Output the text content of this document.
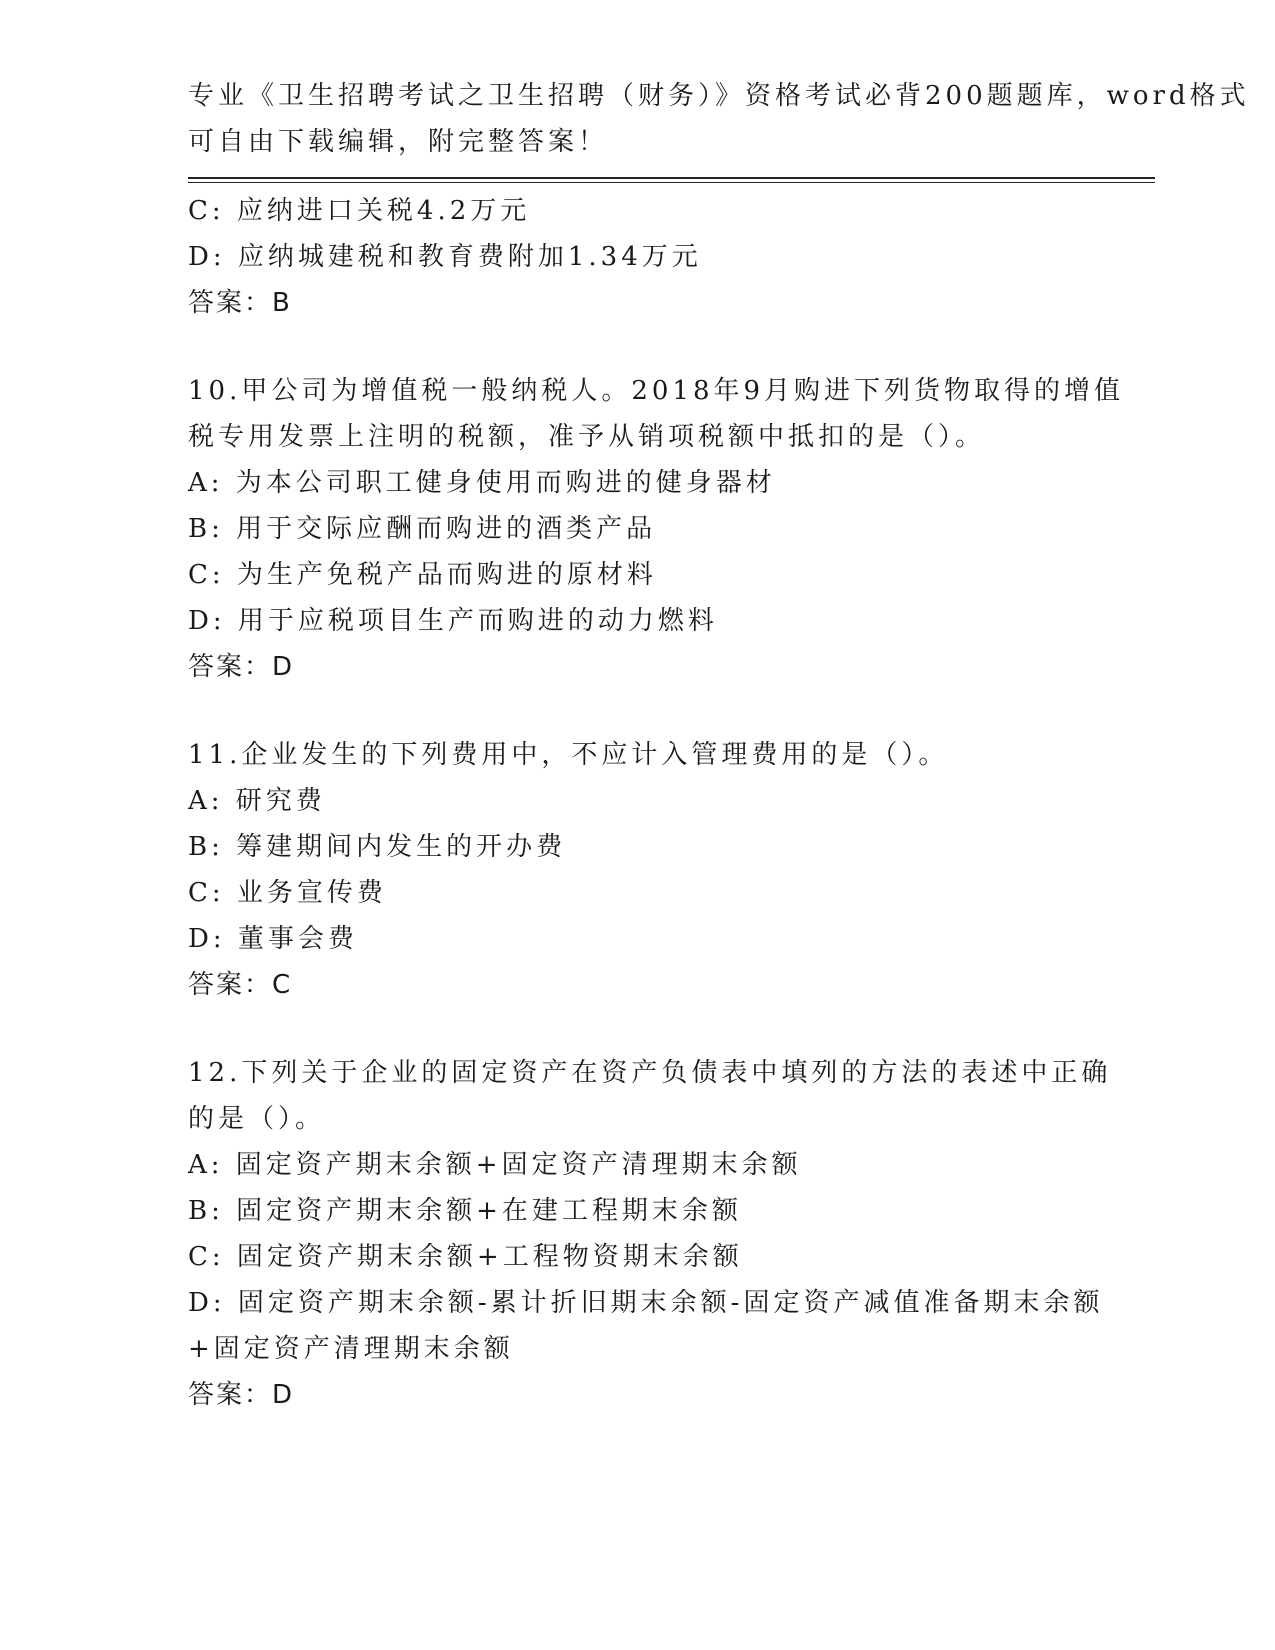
专业《卫生招聘考试之卫生招聘（财务）》资格考试必背200题题库，word格式
可自由下载编辑，附完整答案！
C: 应纳进口关税4.2万元
D: 应纳城建税和教育费附加1.34万元
答案：B
10.甲公司为增值税一般纳税人。2018年9月购进下列货物取得的增值
税专用发票上注明的税额，准予从销项税额中抵扣的是（）。
A: 为本公司职工健身使用而购进的健身器材
B: 用于交际应酬而购进的酒类产品
C: 为生产免税产品而购进的原材料
D: 用于应税项目生产而购进的动力燃料
答案：D
11.企业发生的下列费用中，不应计入管理费用的是（）。
A: 研究费
B: 筹建期间内发生的开办费
C: 业务宣传费
D: 董事会费
答案：C
12.下列关于企业的固定资产在资产负债表中填列的方法的表述中正确
的是（）。
A: 固定资产期末余额+固定资产清理期末余额
B: 固定资产期末余额+在建工程期末余额
C: 固定资产期末余额+工程物资期末余额
D: 固定资产期末余额-累计折旧期末余额-固定资产减值准备期末余额
+固定资产清理期末余额
答案：D
